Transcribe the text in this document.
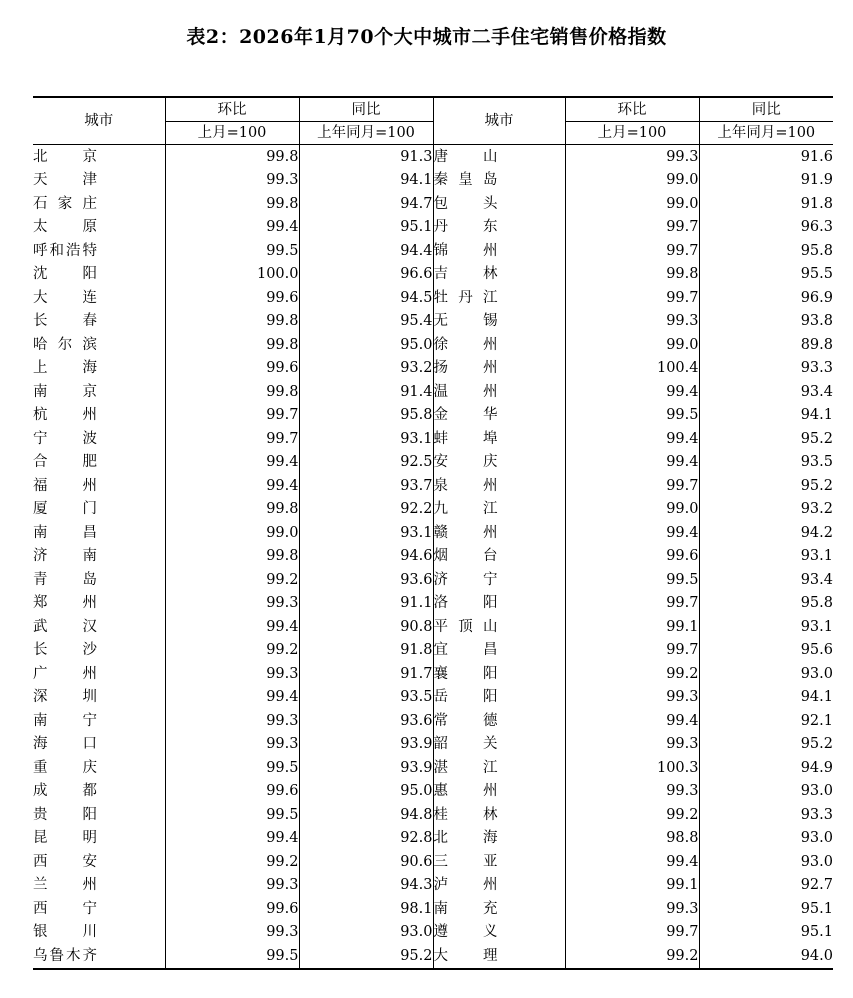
表2：2026年1月70个大中城市二手住宅销售价格指数
城市	环比	同比	城市	环比	同比
	上月=100	上年同月=100		上月=100	上年同月=100
北京	99.8	91.3	唐山	99.3	91.6
天津	99.3	94.1	秦皇岛	99.0	91.9
石家庄	99.8	94.7	包头	99.0	91.8
太原	99.4	95.1	丹东	99.7	96.3
呼和浩特	99.5	94.4	锦州	99.7	95.8
沈阳	100.0	96.6	吉林	99.8	95.5
大连	99.6	94.5	牡丹江	99.7	96.9
长春	99.8	95.4	无锡	99.3	93.8
哈尔滨	99.8	95.0	徐州	99.0	89.8
上海	99.6	93.2	扬州	100.4	93.3
南京	99.8	91.4	温州	99.4	93.4
杭州	99.7	95.8	金华	99.5	94.1
宁波	99.7	93.1	蚌埠	99.4	95.2
合肥	99.4	92.5	安庆	99.4	93.5
福州	99.4	93.7	泉州	99.7	95.2
厦门	99.8	92.2	九江	99.0	93.2
南昌	99.0	93.1	赣州	99.4	94.2
济南	99.8	94.6	烟台	99.6	93.1
青岛	99.2	93.6	济宁	99.5	93.4
郑州	99.3	91.1	洛阳	99.7	95.8
武汉	99.4	90.8	平顶山	99.1	93.1
长沙	99.2	91.8	宜昌	99.7	95.6
广州	99.3	91.7	襄阳	99.2	93.0
深圳	99.4	93.5	岳阳	99.3	94.1
南宁	99.3	93.6	常德	99.4	92.1
海口	99.3	93.9	韶关	99.3	95.2
重庆	99.5	93.9	湛江	100.3	94.9
成都	99.6	95.0	惠州	99.3	93.0
贵阳	99.5	94.8	桂林	99.2	93.3
昆明	99.4	92.8	北海	98.8	93.0
西安	99.2	90.6	三亚	99.4	93.0
兰州	99.3	94.3	泸州	99.1	92.7
西宁	99.6	98.1	南充	99.3	95.1
银川	99.3	93.0	遵义	99.7	95.1
乌鲁木齐	99.5	95.2	大理	99.2	94.0
